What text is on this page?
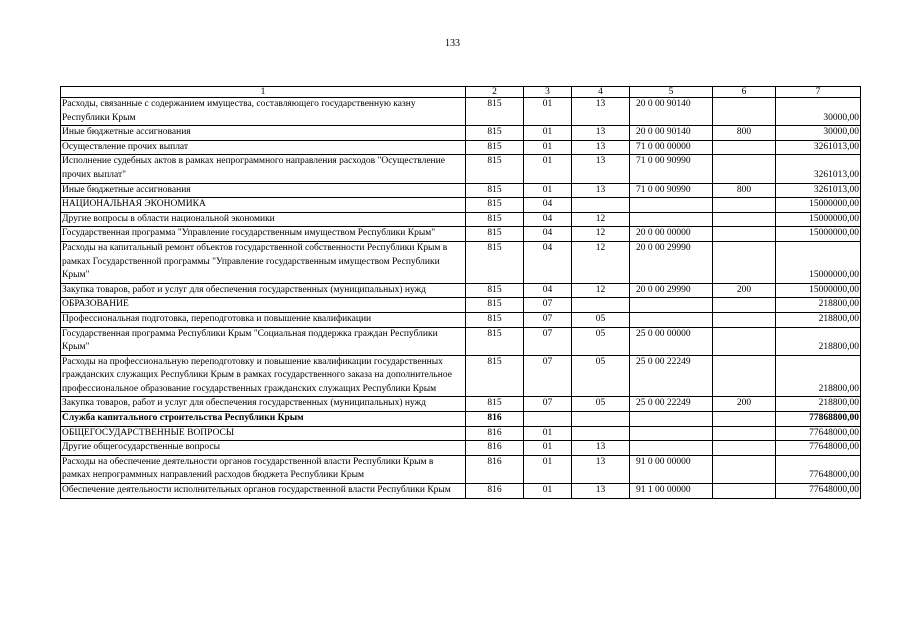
133
1	2	3	4	5	6	7
Расходы, связанные с содержанием имущества, составляющего государственную казну Республики Крым	815	01	13	20 0 00 90140		30000,00
Иные бюджетные ассигнования	815	01	13	20 0 00 90140	800	30000,00
Осуществление прочих выплат	815	01	13	71 0 00 00000		3261013,00
Исполнение судебных актов в рамках непрограммного направления расходов "Осуществление прочих выплат"	815	01	13	71 0 00 90990		3261013,00
Иные бюджетные ассигнования	815	01	13	71 0 00 90990	800	3261013,00
НАЦИОНАЛЬНАЯ ЭКОНОМИКА	815	04				15000000,00
Другие вопросы в области национальной экономики	815	04	12			15000000,00
Государственная программа "Управление государственным имуществом Республики Крым"	815	04	12	20 0 00 00000		15000000,00
Расходы на капитальный ремонт объектов государственной собственности Республики Крым в рамках Государственной программы "Управление государственным имуществом Республики Крым"	815	04	12	20 0 00 29990		15000000,00
Закупка товаров, работ и услуг для обеспечения государственных (муниципальных) нужд	815	04	12	20 0 00 29990	200	15000000,00
ОБРАЗОВАНИЕ	815	07				218800,00
Профессиональная подготовка, переподготовка и повышение квалификации	815	07	05			218800,00
Государственная программа Республики Крым "Социальная поддержка граждан Республики Крым"	815	07	05	25 0 00 00000		218800,00
Расходы на профессиональную переподготовку и повышение квалификации государственных гражданских служащих Республики Крым в рамках государственного заказа на дополнительное профессиональное образование государственных гражданских служащих Республики Крым	815	07	05	25 0 00 22249		218800,00
Закупка товаров, работ и услуг для обеспечения государственных (муниципальных) нужд	815	07	05	25 0 00 22249	200	218800,00
Служба капитального строительства Республики Крым	816					77868800,00
ОБЩЕГОСУДАРСТВЕННЫЕ ВОПРОСЫ	816	01				77648000,00
Другие общегосударственные вопросы	816	01	13			77648000,00
Расходы на обеспечение деятельности органов государственной власти Республики Крым в рамках непрограммных направлений расходов бюджета Республики Крым	816	01	13	91 0 00 00000		77648000,00
Обеспечение деятельности исполнительных органов государственной власти Республики Крым	816	01	13	91 1 00 00000		77648000,00
